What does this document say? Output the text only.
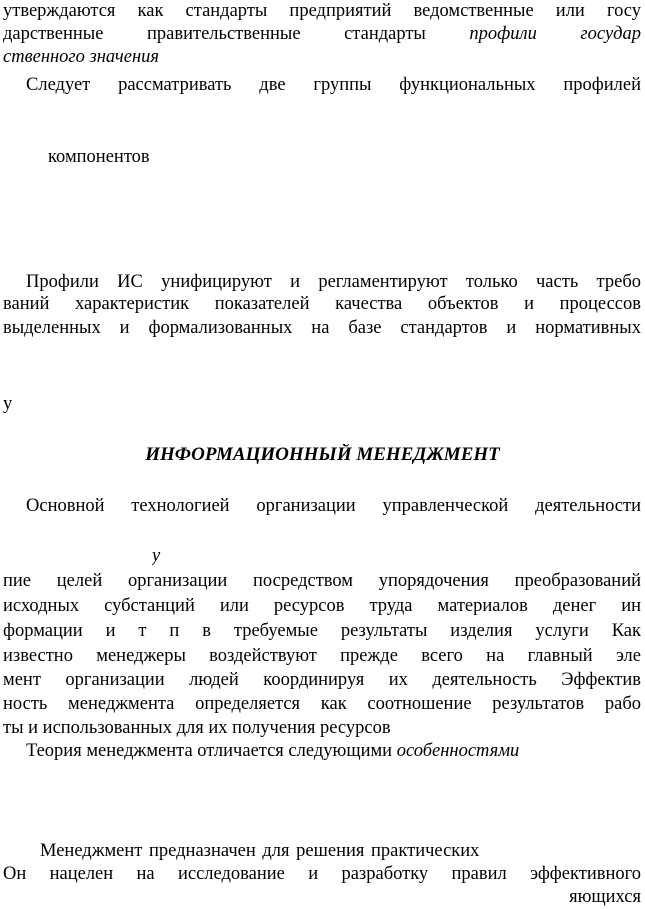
утверждаются как стандарты предприятий ведомственные или госу
дарственные правительственные стандарты профили государ
ственного значения
Следует рассматривать две группы функциональных профилей
компонентов
Профили ИС унифицируют и регламентируют только часть требо
ваний характеристик показателей качества объектов и процессов
выделенных и формализованных на базе стандартов и нормативных
у
ИНФОРМАЦИОННЫЙ МЕНЕДЖМЕНТ
Основной технологией организации управленческой деятельности
у
пие целей организации посредством упорядочения преобразований
исходных субстанций или ресурсов труда материалов денег ин
формации и т п в требуемые результаты изделия услуги Как
известно менеджеры воздействуют прежде всего на главный эле
мент организации людей координируя их деятельность Эффектив
ность менеджмента определяется как соотношение результатов рабо
ты и использованных для их получения ресурсов
Теория менеджмента отличается следующими особенностями
Менеджмент предназначен для решения практических
Он нацелен на исследование и разработку правил эффективного
яющихся
